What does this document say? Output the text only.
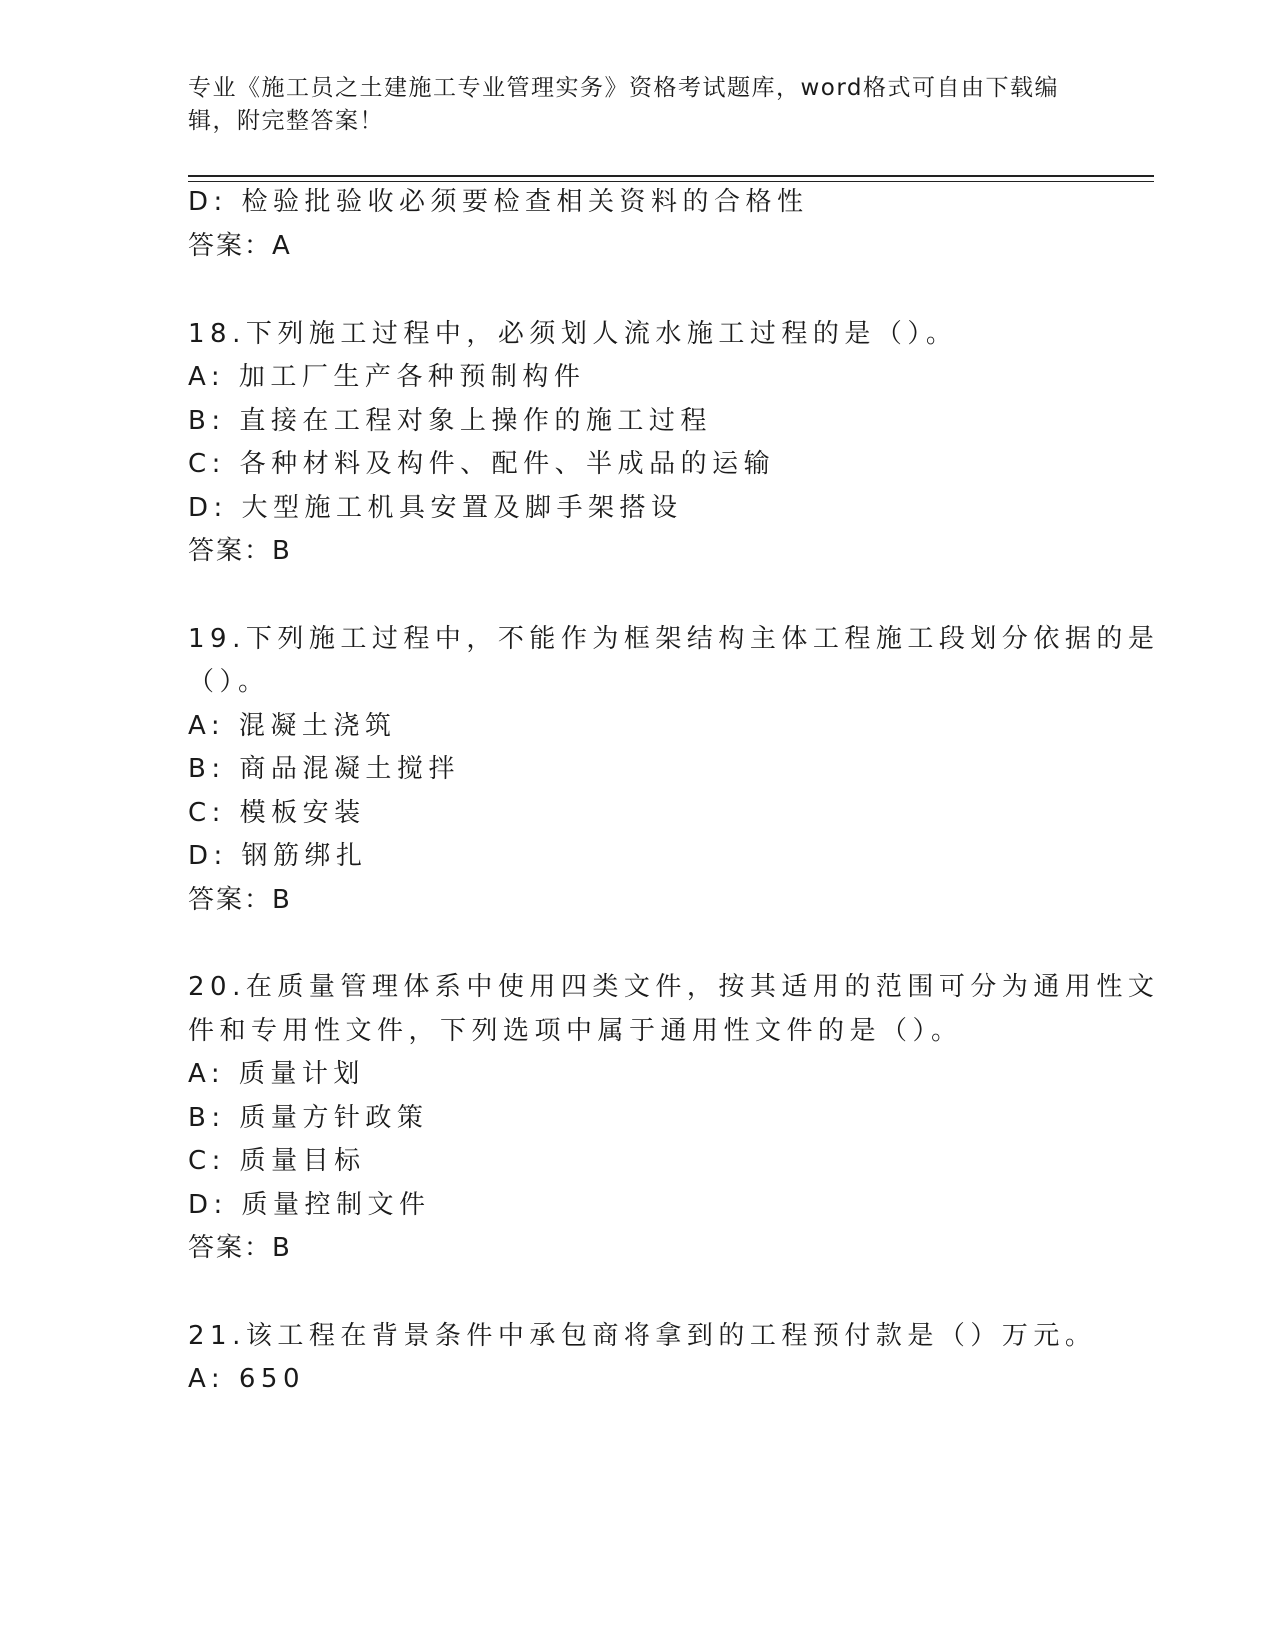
专业《施工员之土建施工专业管理实务》资格考试题库，word格式可自由下载编辑，附完整答案！
D: 检验批验收必须要检查相关资料的合格性
答案：A
18.下列施工过程中，必须划人流水施工过程的是（）。
A: 加工厂生产各种预制构件
B: 直接在工程对象上操作的施工过程
C: 各种材料及构件、配件、半成品的运输
D: 大型施工机具安置及脚手架搭设
答案：B
19.下列施工过程中，不能作为框架结构主体工程施工段划分依据的是
（）。
A: 混凝土浇筑
B: 商品混凝土搅拌
C: 模板安装
D: 钢筋绑扎
答案：B
20.在质量管理体系中使用四类文件，按其适用的范围可分为通用性文
件和专用性文件，下列选项中属于通用性文件的是（）。
A: 质量计划
B: 质量方针政策
C: 质量目标
D: 质量控制文件
答案：B
21.该工程在背景条件中承包商将拿到的工程预付款是（）万元。
A: 650
